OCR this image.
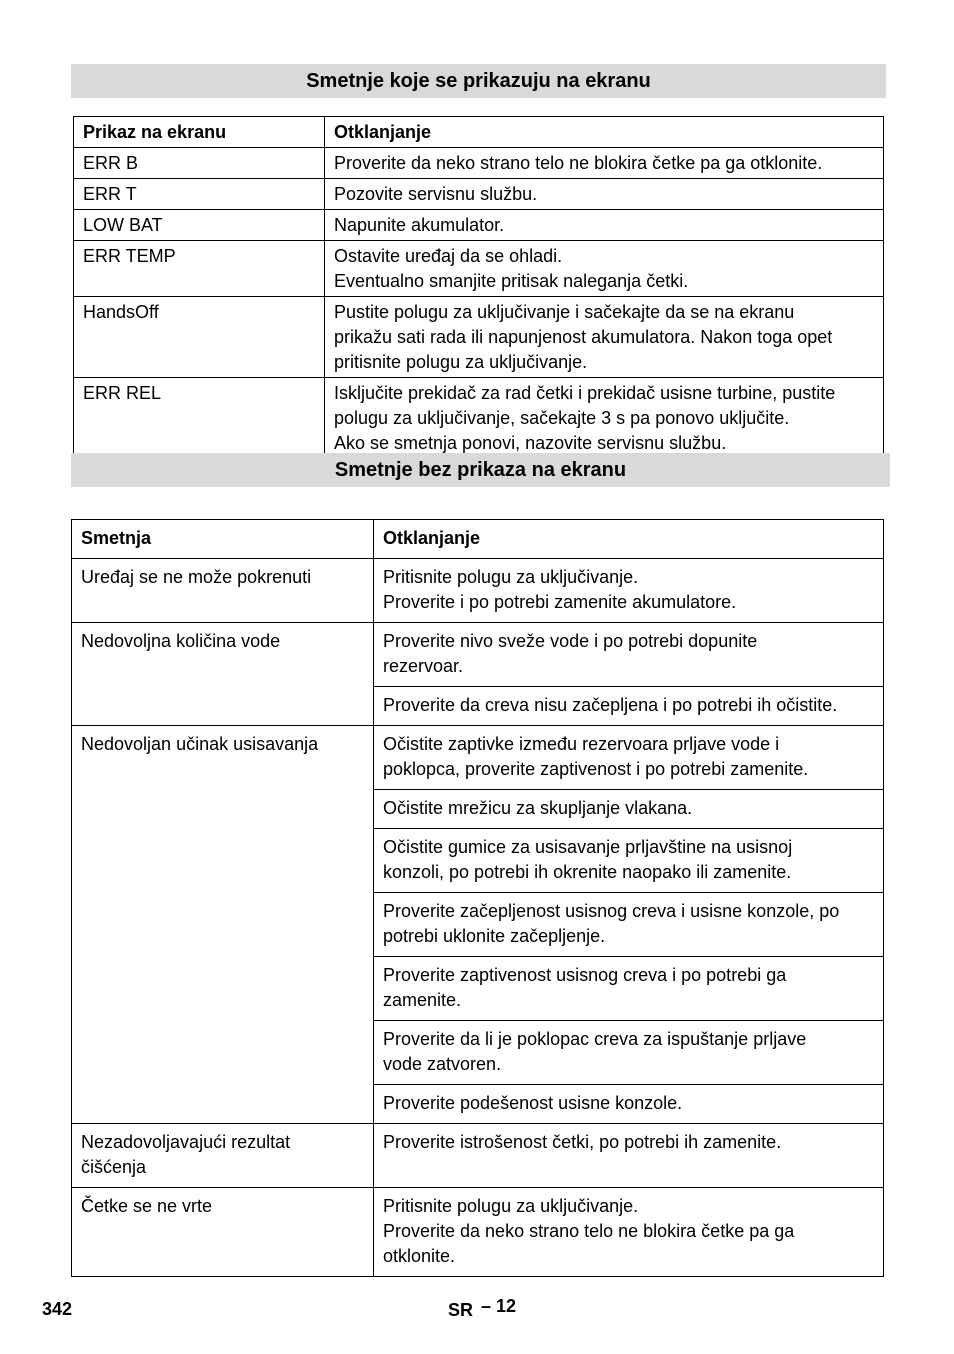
Smetnje koje se prikazuju na ekranu
Prikaz na ekranu	Otklanjanje

ERR B	Proverite da neko strano telo ne blokira četke pa ga otklonite.

ERR T	Pozovite servisnu službu.

LOW BAT	Napunite akumulator.

ERR TEMP	Ostavite uređaj da se ohladi.
Eventualno smanjite pritisak naleganja četki.

HandsOff	Pustite polugu za uključivanje i sačekajte da se na ekranu
prikažu sati rada ili napunjenost akumulatora. Nakon toga opet
pritisnite polugu za uključivanje.

ERR REL	Isključite prekidač za rad četki i prekidač usisne turbine, pustite
polugu za uključivanje, sačekajte 3 s pa ponovo uključite.
Ako se smetnja ponovi, nazovite servisnu službu.
Smetnje bez prikaza na ekranu
Smetnja	Otklanjanje

Uređaj se ne može pokrenuti	Pritisnite polugu za uključivanje.
Proverite i po potrebi zamenite akumulatore.

Nedovoljna količina vode	Proverite nivo sveže vode i po potrebi dopunite
rezervoar.

	Proverite da creva nisu začepljena i po potrebi ih očistite.

Nedovoljan učinak usisavanja	Očistite zaptivke između rezervoara prljave vode i
poklopca, proverite zaptivenost i po potrebi zamenite.

	Očistite mrežicu za skupljanje vlakana.

	Očistite gumice za usisavanje prljavštine na usisnoj
konzoli, po potrebi ih okrenite naopako ili zamenite.

	Proverite začepljenost usisnog creva i usisne konzole, po
potrebi uklonite začepljenje.

	Proverite zaptivenost usisnog creva i po potrebi ga
zamenite.

	Proverite da li je poklopac creva za ispuštanje prljave
vode zatvoren.

	Proverite podešenost usisne konzole.

Nezadovoljavajući rezultat
čišćenja	Proverite istrošenost četki, po potrebi ih zamenite.

Četke se ne vrte	Pritisnite polugu za uključivanje.
Proverite da neko strano telo ne blokira četke pa ga
otklonite.
342	SR – 12
